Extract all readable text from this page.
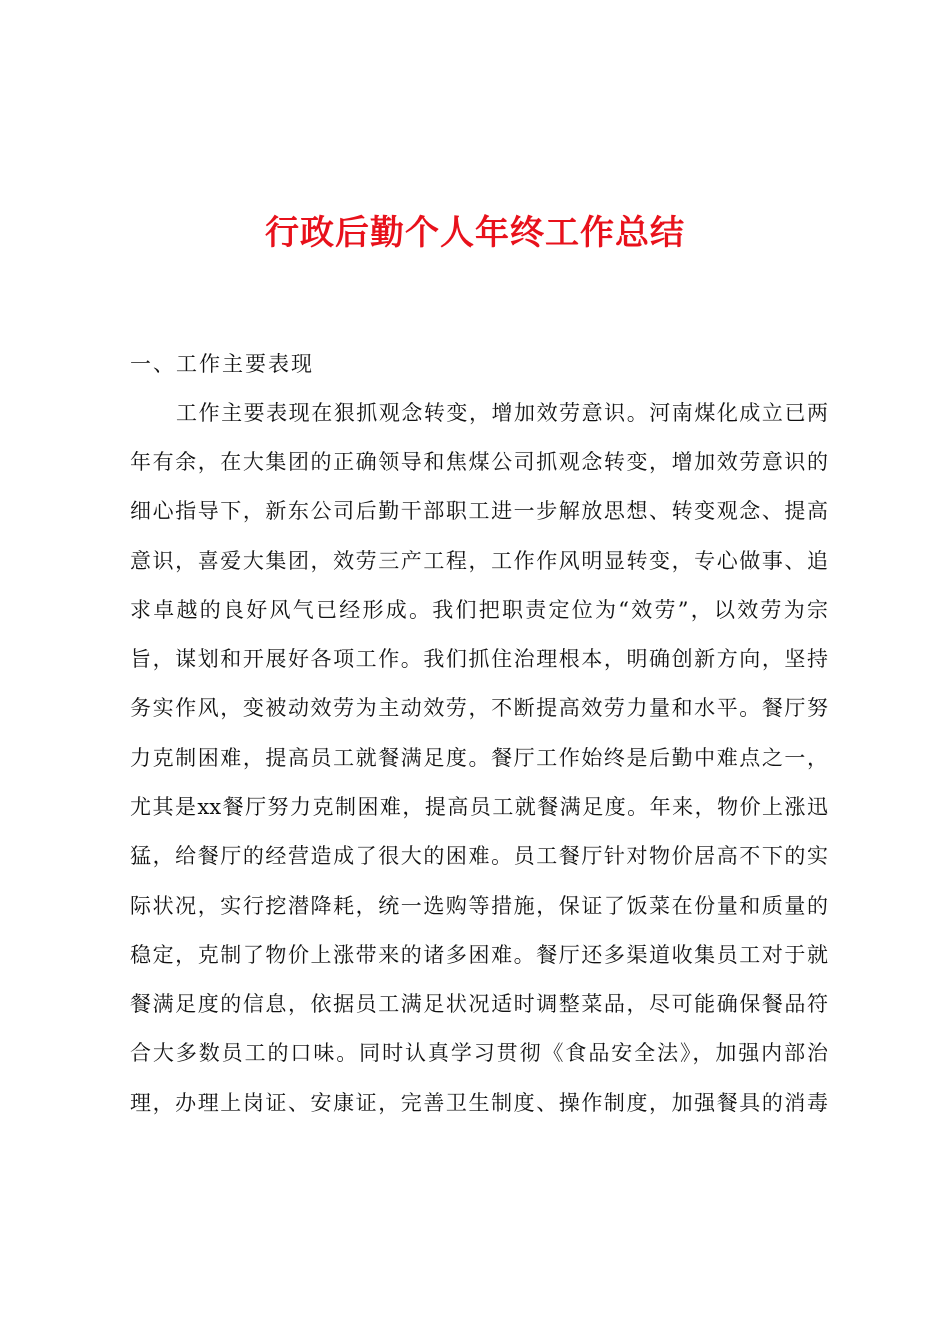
行政后勤个人年终工作总结

一、工作主要表现

工作主要表现在狠抓观念转变，增加效劳意识。河南煤化成立已两

年有余，在大集团的正确领导和焦煤公司抓观念转变，增加效劳意识的

细心指导下，新东公司后勤干部职工进一步解放思想、转变观念、提高

意识，喜爱大集团，效劳三产工程，工作作风明显转变，专心做事、追

求卓越的良好风气已经形成。我们把职责定位为“效劳”，以效劳为宗

旨，谋划和开展好各项工作。我们抓住治理根本，明确创新方向，坚持

务实作风，变被动效劳为主动效劳，不断提高效劳力量和水平。餐厅努

力克制困难，提高员工就餐满足度。餐厅工作始终是后勤中难点之一，

尤其是xx餐厅努力克制困难，提高员工就餐满足度。年来，物价上涨迅

猛，给餐厅的经营造成了很大的困难。员工餐厅针对物价居高不下的实

际状况，实行挖潜降耗，统一选购等措施，保证了饭菜在份量和质量的

稳定，克制了物价上涨带来的诸多困难。餐厅还多渠道收集员工对于就

餐满足度的信息，依据员工满足状况适时调整菜品，尽可能确保餐品符

合大多数员工的口味。同时认真学习贯彻《食品安全法》，加强内部治

理，办理上岗证、安康证，完善卫生制度、操作制度，加强餐具的消毒
